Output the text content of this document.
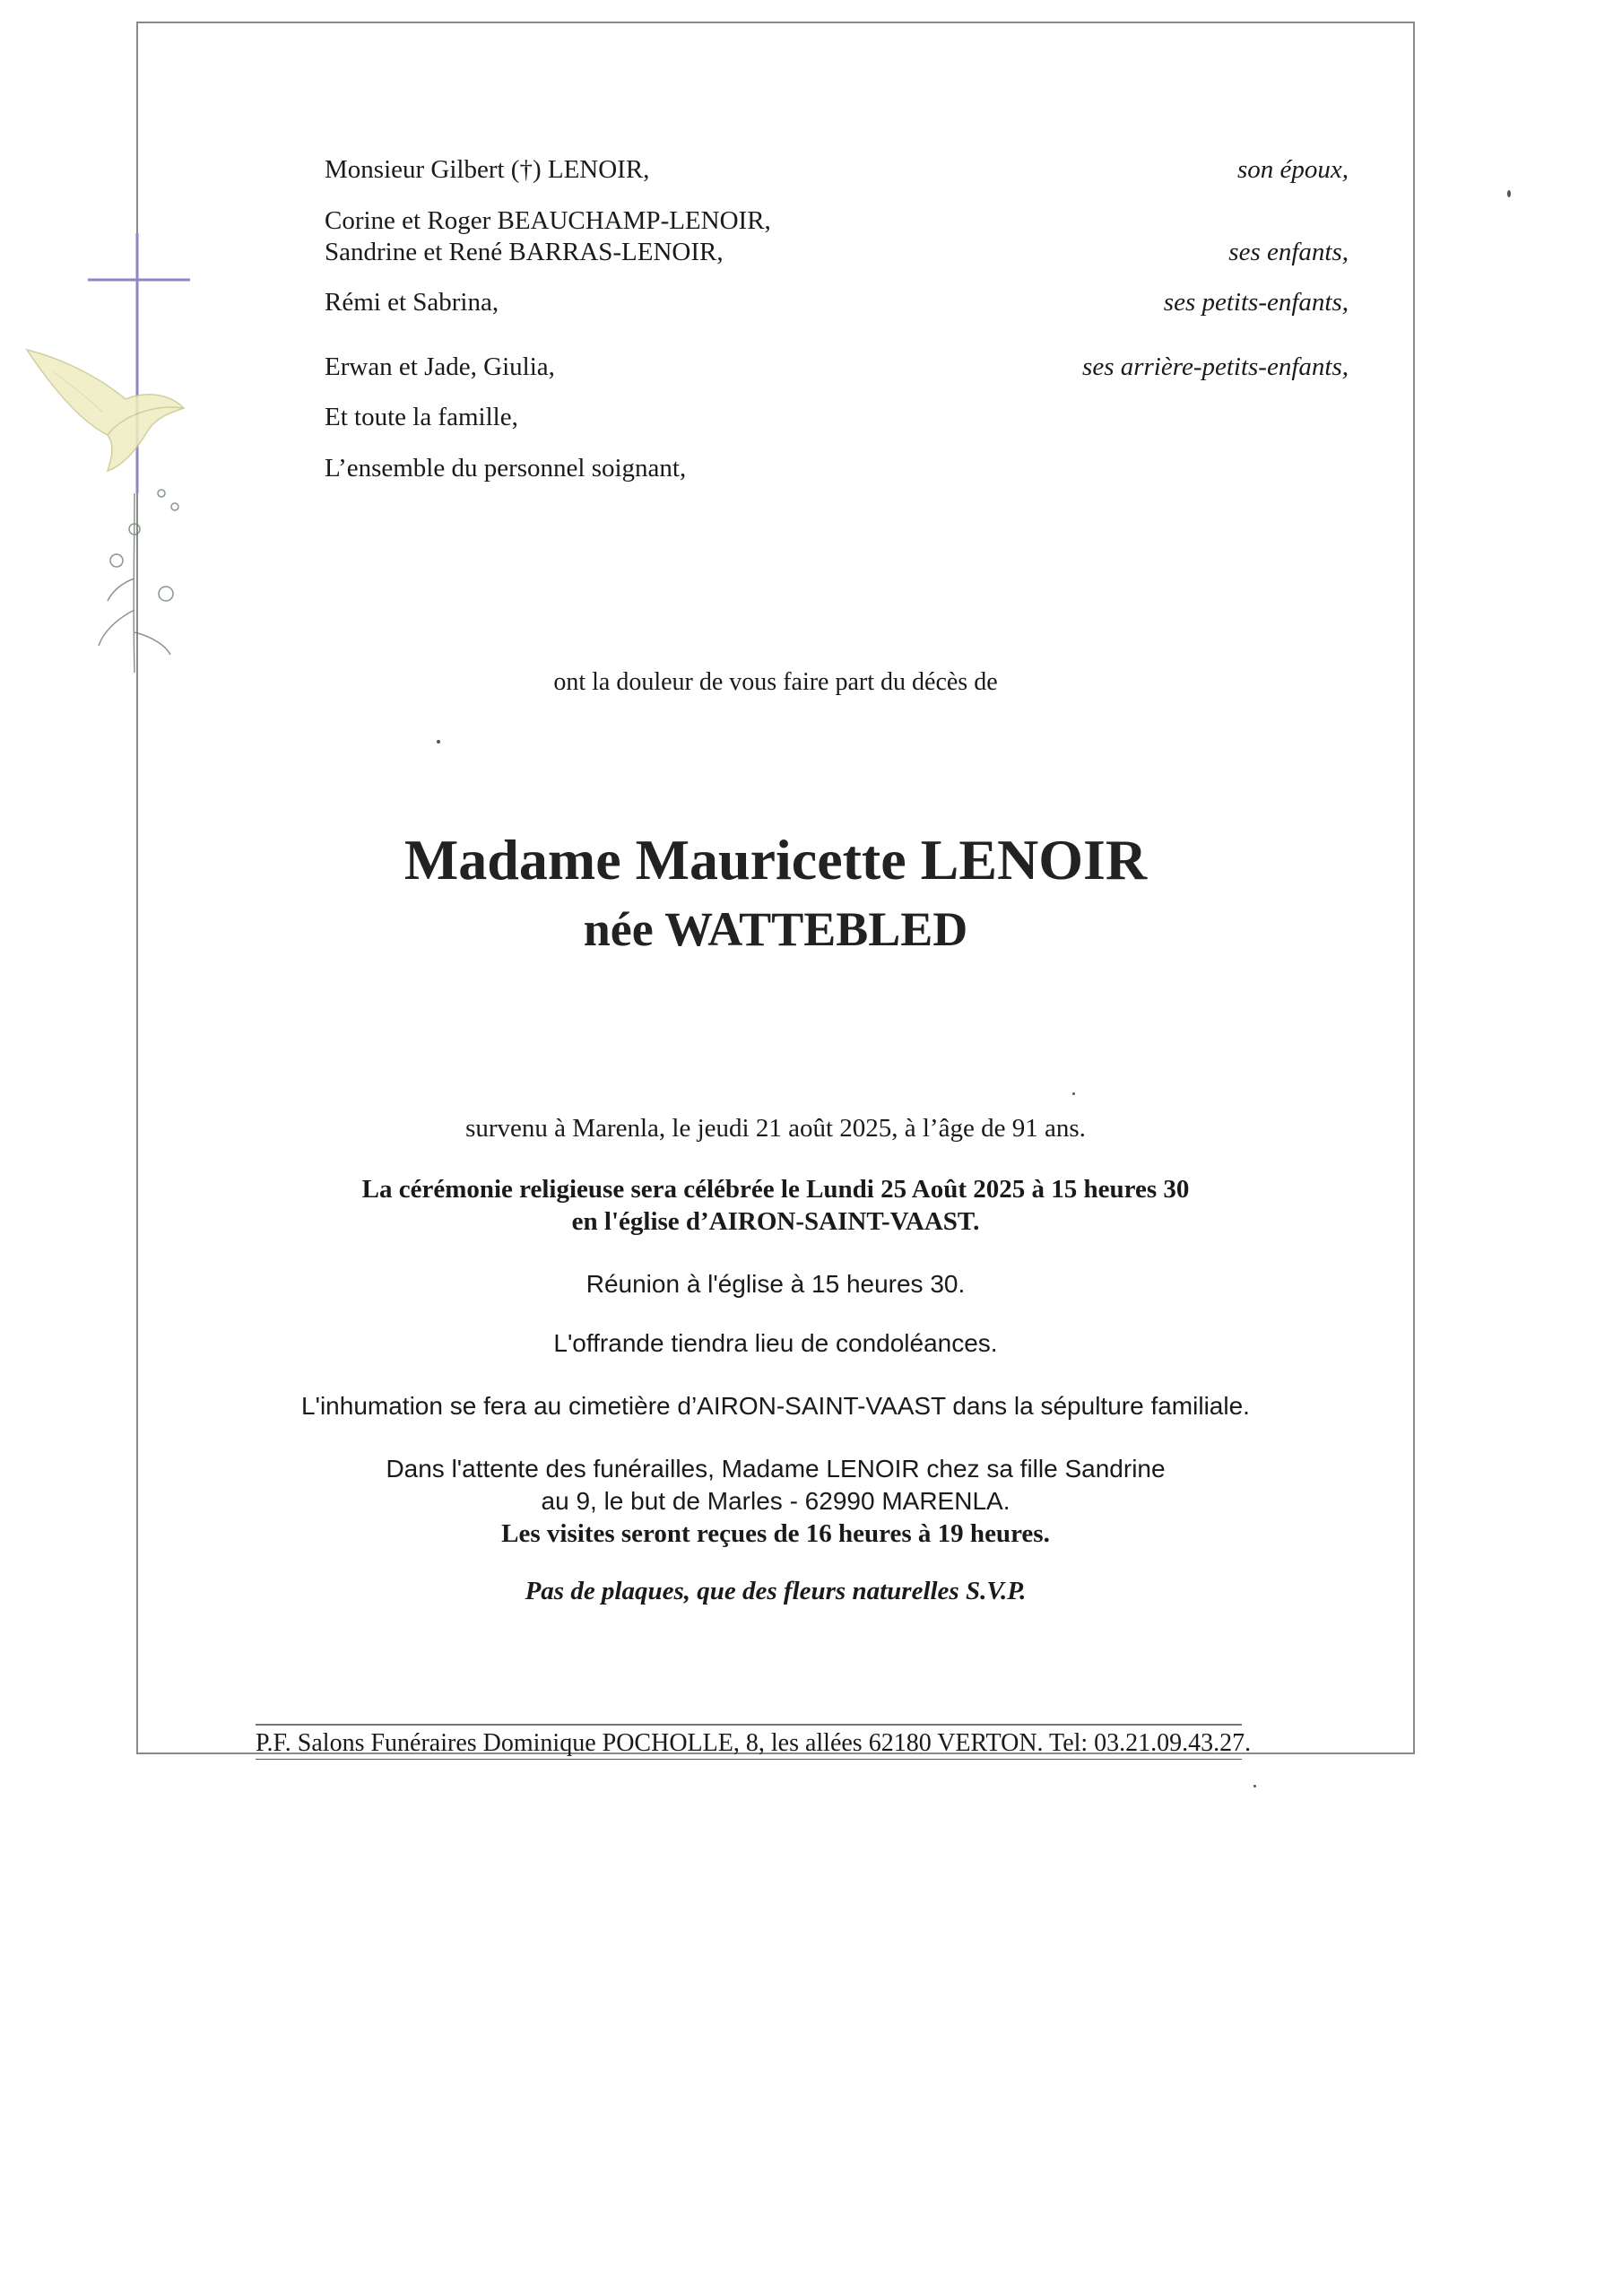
Monsieur Gilbert (†) LENOIR,	son époux,
Corine et Roger BEAUCHAMP-LENOIR,
Sandrine et René BARRAS-LENOIR,	ses enfants,
Rémi et Sabrina,	ses petits-enfants,
Erwan et Jade, Giulia,	ses arrière-petits-enfants,
Et toute la famille,
L’ensemble du personnel soignant,
ont la douleur de vous faire part du décès de
Madame Mauricette LENOIR
née WATTEBLED
survenu à Marenla, le jeudi 21 août 2025, à l’âge de 91 ans.
La cérémonie religieuse sera célébrée le Lundi 25 Août 2025 à 15 heures 30
en l'église d’AIRON-SAINT-VAAST.
Réunion à l'église à 15 heures 30.
L'offrande tiendra lieu de condoléances.
L'inhumation se fera au cimetière d’AIRON-SAINT-VAAST dans la sépulture familiale.
Dans l'attente des funérailles, Madame LENOIR chez sa fille Sandrine
au 9, le but de Marles - 62990 MARENLA.
Les visites seront reçues de 16 heures à 19 heures.
Pas de plaques, que des fleurs naturelles S.V.P.
P.F. Salons Funéraires Dominique POCHOLLE, 8, les allées 62180 VERTON. Tel: 03.21.09.43.27.
